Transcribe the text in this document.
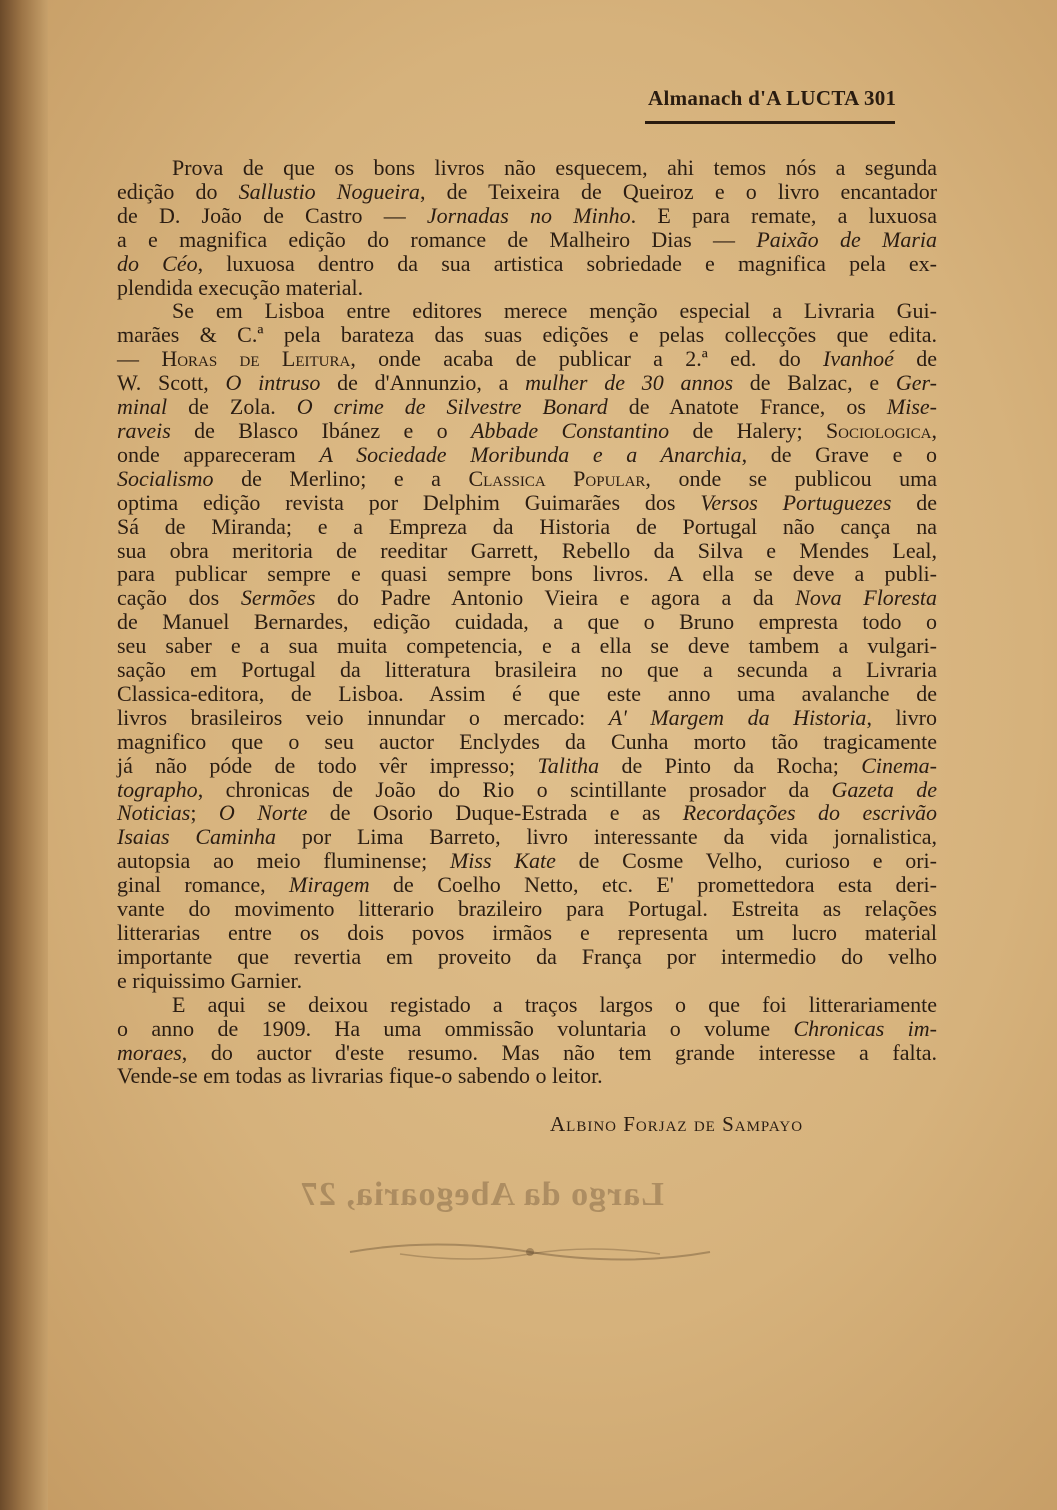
Almanach d'A LUCTA 301
Prova de que os bons livros não esquecem, ahi temos nós a segunda
edição do Sallustio Nogueira, de Teixeira de Queiroz e o livro encantador
de D. João de Castro — Jornadas no Minho. E para remate, a luxuosa
a e magnifica edição do romance de Malheiro Dias — Paixão de Maria
do Céo, luxuosa dentro da sua artistica sobriedade e magnifica pela ex-
plendida execução material.
Se em Lisboa entre editores merece menção especial a Livraria Gui-
marães & C.ª pela barateza das suas edições e pelas collecções que edita.
— Horas de Leitura, onde acaba de publicar a 2.ª ed. do Ivanhoé de
W. Scott, O intruso de d'Annunzio, a mulher de 30 annos de Balzac, e Ger-
minal de Zola. O crime de Silvestre Bonard de Anatote France, os Mise-
raveis de Blasco Ibánez e o Abbade Constantino de Halery; Sociologica,
onde appareceram A Sociedade Moribunda e a Anarchia, de Grave e o
Socialismo de Merlino; e a Classica Popular, onde se publicou uma
optima edição revista por Delphim Guimarães dos Versos Portuguezes de
Sá de Miranda; e a Empreza da Historia de Portugal não cança na
sua obra meritoria de reeditar Garrett, Rebello da Silva e Mendes Leal,
para publicar sempre e quasi sempre bons livros. A ella se deve a publi-
cação dos Sermões do Padre Antonio Vieira e agora a da Nova Floresta
de Manuel Bernardes, edição cuidada, a que o Bruno empresta todo o
seu saber e a sua muita competencia, e a ella se deve tambem a vulgari-
sação em Portugal da litteratura brasileira no que a secunda a Livraria
Classica-editora, de Lisboa. Assim é que este anno uma avalanche de
livros brasileiros veio innundar o mercado: A' Margem da Historia, livro
magnifico que o seu auctor Enclydes da Cunha morto tão tragicamente
já não póde de todo vêr impresso; Talitha de Pinto da Rocha; Cinema-
tographo, chronicas de João do Rio o scintillante prosador da Gazeta de
Noticias; O Norte de Osorio Duque-Estrada e as Recordações do escrivão
Isaias Caminha por Lima Barreto, livro interessante da vida jornalistica,
autopsia ao meio fluminense; Miss Kate de Cosme Velho, curioso e ori-
ginal romance, Miragem de Coelho Netto, etc. E' promettedora esta deri-
vante do movimento litterario brazileiro para Portugal. Estreita as relações
litterarias entre os dois povos irmãos e representa um lucro material
importante que revertia em proveito da França por intermedio do velho
e riquissimo Garnier.
E aqui se deixou registado a traços largos o que foi litterariamente
o anno de 1909. Ha uma ommissão voluntaria o volume Chronicas im-
moraes, do auctor d'este resumo. Mas não tem grande interesse a falta.
Vende-se em todas as livrarias fique-o sabendo o leitor.
Albino Forjaz de Sampayo
Largo da Abegoaria, 27
